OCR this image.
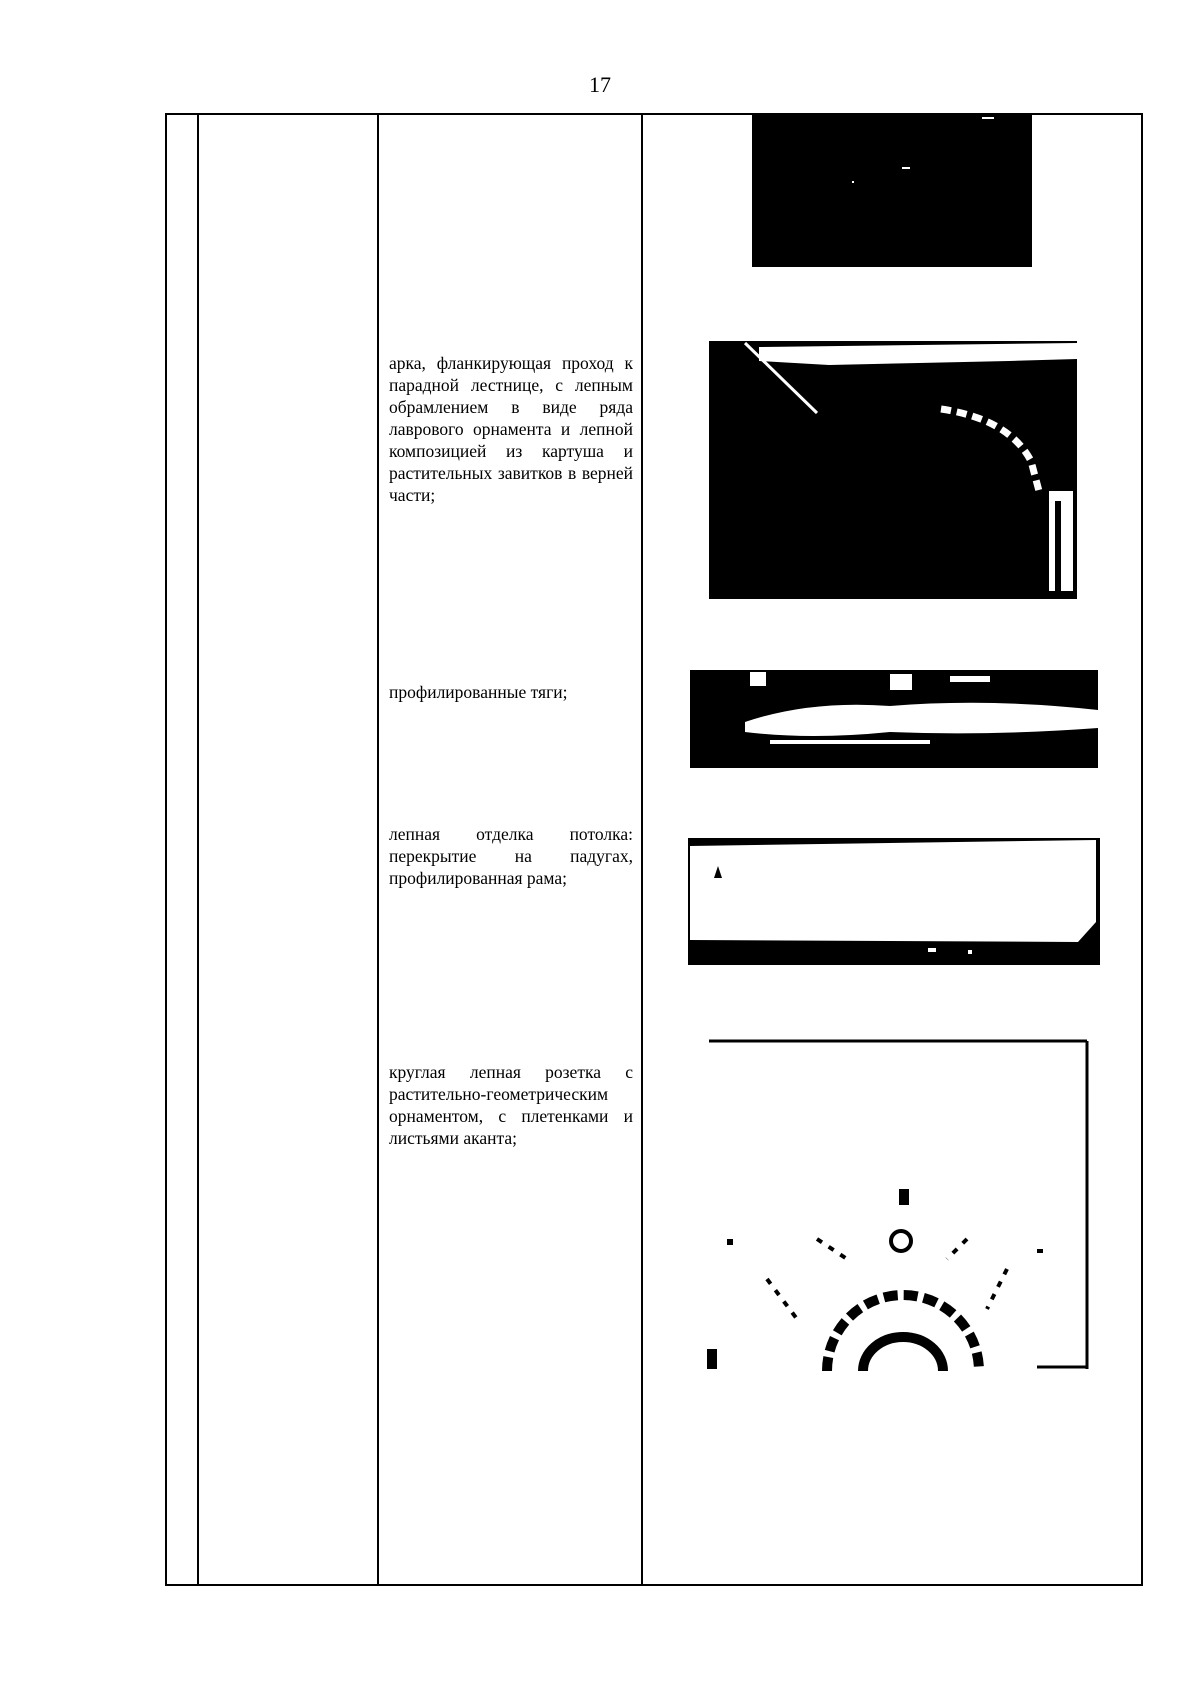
17
арка, фланкирующая проход к парадной лестнице, с лепным обрамлением в виде ряда лаврового орнамента и лепной композицией из картуша и растительных завитков в верней части;
профилированные тяги;
лепная отделка потолка: перекрытие на падугах, профилированная рама;
круглая лепная розетка с растительно-геометрическим орнаментом, с плетенками и листьями аканта;
